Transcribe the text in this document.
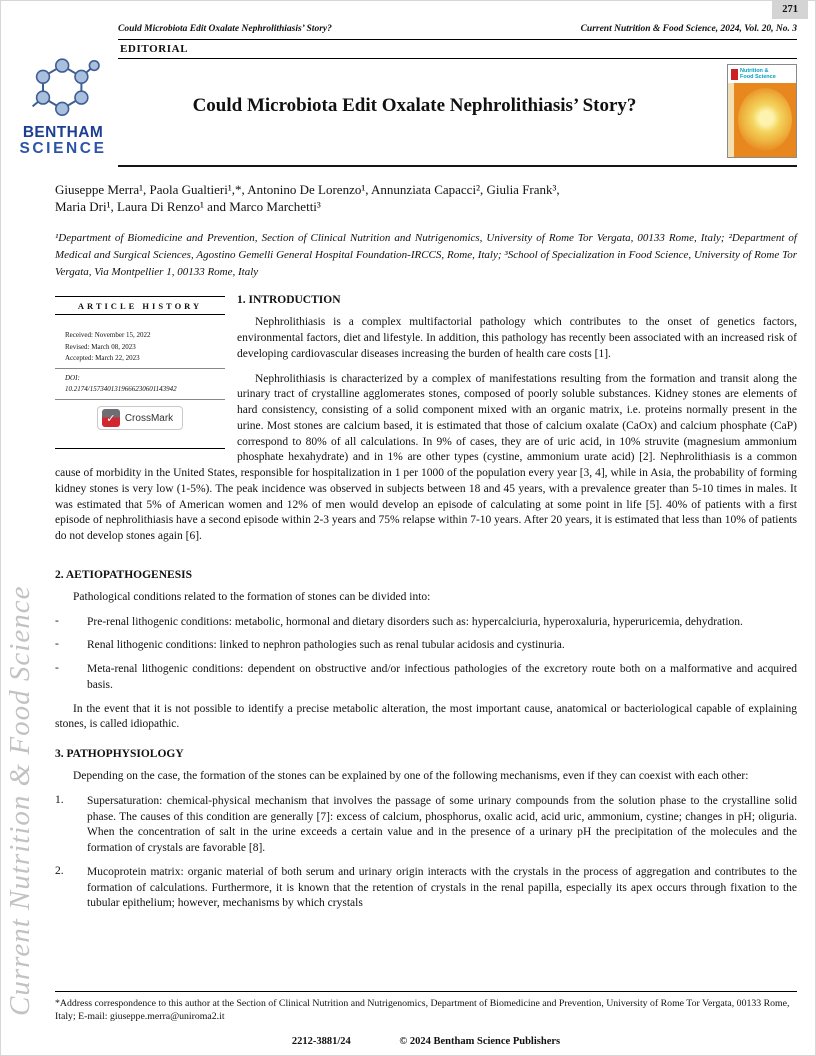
271
Current Nutrition & Food Science
BENTHAM
SCIENCE
Could Microbiota Edit Oxalate Nephrolithiasis’ Story?	Current Nutrition & Food Science, 2024, Vol. 20, No. 3
EDITORIAL
Could Microbiota Edit Oxalate Nephrolithiasis’ Story?
Nutrition &
Food Science
Giuseppe Merra¹, Paola Gualtieri¹,*, Antonino De Lorenzo¹, Annunziata Capacci², Giulia Frank³,
Maria Dri¹, Laura Di Renzo¹ and Marco Marchetti³

¹Department of Biomedicine and Prevention, Section of Clinical Nutrition and Nutrigenomics, University of Rome Tor Vergata, 00133 Rome, Italy; ²Department of Medical and Surgical Sciences, Agostino Gemelli General Hospital Foundation-IRCCS, Rome, Italy; ³School of Specialization in Food Science, University of Rome Tor Vergata, Via Montpellier 1, 00133 Rome, Italy

ARTICLE HISTORY
Received: November 15, 2022
Revised: March 08, 2023
Accepted: March 22, 2023
DOI:
10.2174/1573401319666230601143942
✓ CrossMark
1. INTRODUCTION

Nephrolithiasis is a complex multifactorial pathology which contributes to the onset of genetics factors, environmental factors, diet and lifestyle. In addition, this pathology has recently been associated with an increased risk of developing cardiovascular diseases increasing the burden of health care costs [1].

Nephrolithiasis is characterized by a complex of manifestations resulting from the formation and transit along the urinary tract of crystalline agglomerates stones, composed of poorly soluble substances. Kidney stones are elements of hard consistency, consisting of a solid component mixed with an organic matrix, i.e. proteins normally present in the urine. Most stones are calcium based, it is estimated that those of calcium oxalate (CaOx) and calcium phosphate (CaP) correspond to 80% of all calculations. In 9% of cases, they are of uric acid, in 10% struvite (magnesium ammonium phosphate hexahydrate) and in 1% are other types (cystine, ammonium urate acid) [2]. Nephrolithiasis is a common cause of morbidity in the United States, responsible for hospitalization in 1 per 1000 of the population every year [3, 4], while in Asia, the probability of forming kidney stones is very low (1-5%). The peak incidence was observed in subjects between 18 and 45 years, with a prevalence greater than 5-10 times in males. It was estimated that 5% of American women and 12% of men would develop an episode of calculating at some point in life [5]. 40% of patients with a first episode of nephrolithiasis have a second episode within 2-3 years and 75% relapse within 7-10 years. After 20 years, it is estimated that less than 10% of patients do not develop stones again [6].

2. AETIOPATHOGENESIS

Pathological conditions related to the formation of stones can be divided into:

-	Pre-renal lithogenic conditions: metabolic, hormonal and dietary disorders such as: hypercalciuria, hyperoxaluria, hyperuricemia, dehydration.

-	Renal lithogenic conditions: linked to nephron pathologies such as renal tubular acidosis and cystinuria.

-	Meta-renal lithogenic conditions: dependent on obstructive and/or infectious pathologies of the excretory route both on a malformative and acquired basis.

In the event that it is not possible to identify a precise metabolic alteration, the most important cause, anatomical or bacteriological capable of explaining stones, is called idiopathic.

3. PATHOPHYSIOLOGY

Depending on the case, the formation of the stones can be explained by one of the following mechanisms, even if they can coexist with each other:

1.	Supersaturation: chemical-physical mechanism that involves the passage of some urinary compounds from the solution phase to the crystalline solid phase. The causes of this condition are generally [7]: excess of calcium, phosphorus, oxalic acid, acid uric, ammonium, cystine; changes in pH; oliguria. When the concentration of salt in the urine exceeds a certain value and in the presence of a urinary pH the precipitation of the molecules and the formation of crystals are favorable [8].

2.	Mucoprotein matrix: organic material of both serum and urinary origin interacts with the crystals in the process of aggregation and contributes to the formation of calculations. Furthermore, it is known that the retention of crystals in the renal papilla, especially its apex occurs through fixation to the tubular epithelium; however, mechanisms by which crystals

*Address correspondence to this author at the Section of Clinical Nutrition and Nutrigenomics, Department of Biomedicine and Prevention, University of Rome Tor Vergata, 00133 Rome, Italy; E-mail: giuseppe.merra@uniroma2.it

2212-3881/24	© 2024 Bentham Science Publishers
